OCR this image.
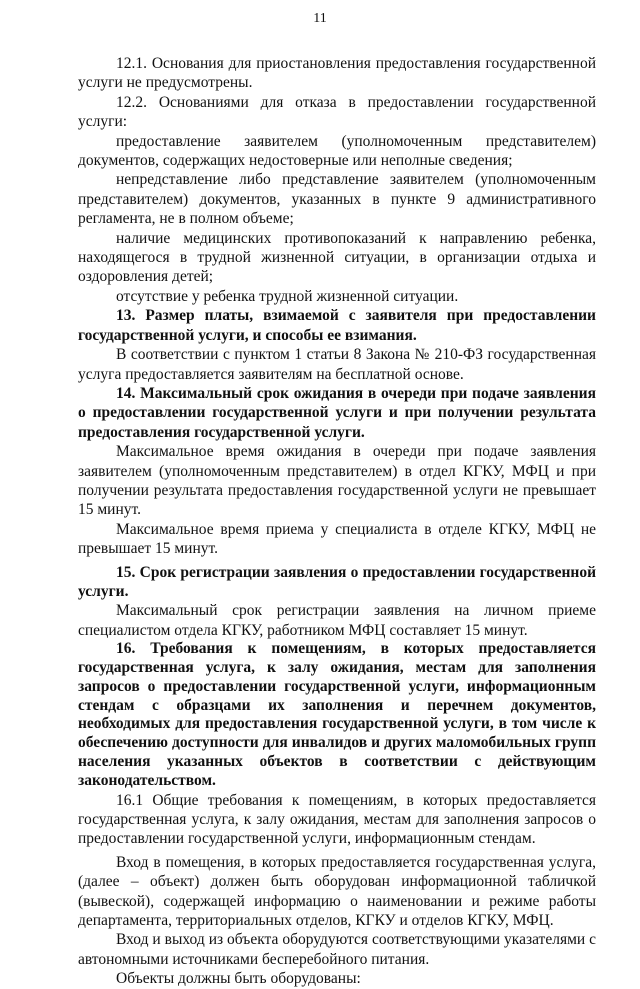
11

12.1. Основания для приостановления предоставления государственной услуги не предусмотрены.

12.2. Основаниями для отказа в предоставлении государственной услуги:

предоставление заявителем (уполномоченным представителем) документов, содержащих недостоверные или неполные сведения;

непредставление либо представление заявителем (уполномоченным представителем) документов, указанных в пункте 9 административного регламента, не в полном объеме;

наличие медицинских противопоказаний к направлению ребенка, находящегося в трудной жизненной ситуации, в организации отдыха и оздоровления детей;

отсутствие у ребенка трудной жизненной ситуации.

13. Размер платы, взимаемой с заявителя при предоставлении государственной услуги, и способы ее взимания.

В соответствии с пунктом 1 статьи 8 Закона № 210-ФЗ государственная услуга предоставляется заявителям на бесплатной основе.

14. Максимальный срок ожидания в очереди при подаче заявления о предоставлении государственной услуги и при получении результата предоставления государственной услуги.

Максимальное время ожидания в очереди при подаче заявления заявителем (уполномоченным представителем) в отдел КГКУ, МФЦ и при получении результата предоставления государственной услуги не превышает 15 минут.

Максимальное время приема у специалиста в отделе КГКУ, МФЦ не превышает 15 минут.

15. Срок регистрации заявления о предоставлении государственной услуги.

Максимальный срок регистрации заявления на личном приеме специалистом отдела КГКУ, работником МФЦ составляет 15 минут.

16. Требования к помещениям, в которых предоставляется государственная услуга, к залу ожидания, местам для заполнения запросов о предоставлении государственной услуги, информационным стендам с образцами их заполнения и перечнем документов, необходимых для предоставления государственной услуги, в том числе к обеспечению доступности для инвалидов и других маломобильных групп населения указанных объектов в соответствии с действующим законодательством.

16.1 Общие требования к помещениям, в которых предоставляется государственная услуга, к залу ожидания, местам для заполнения запросов о предоставлении государственной услуги, информационным стендам.

Вход в помещения, в которых предоставляется государственная услуга, (далее – объект) должен быть оборудован информационной табличкой (вывеской), содержащей информацию о наименовании и режиме работы департамента, территориальных отделов, КГКУ и отделов КГКУ, МФЦ.

Вход и выход из объекта оборудуются соответствующими указателями с автономными источниками бесперебойного питания.

Объекты должны быть оборудованы:
